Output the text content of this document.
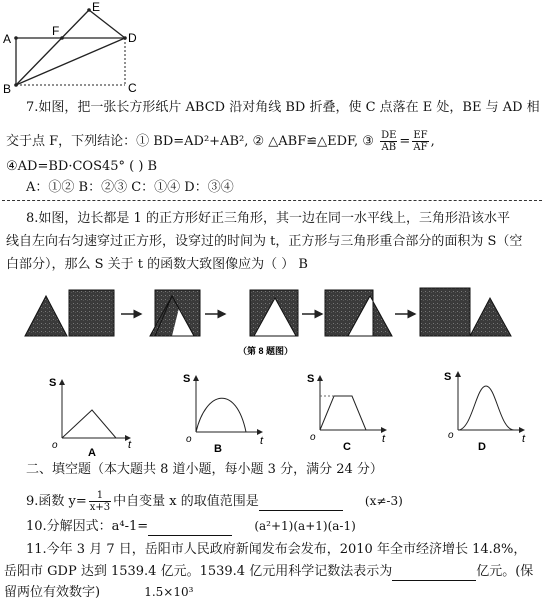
E
F
A	D
B	C
7.如图，把一张长方形纸片 ABCD 沿对角线 BD 折叠，使 C 点落在 E 处，BE 与 AD 相
交于点 F，下列结论：① BD=AD²+AB², ② △ABF≌△EDF, ③ $\frac{DE}{AB} = \frac{EF}{AF}$ ,
④AD=BD·COS45° ( ) B
A：①② B：②③ C：①④ D：③④
8.如图，边长都是 1 的正方形好正三角形，其一边在同一水平线上，三角形沿该水平
线自左向右匀速穿过正方形，设穿过的时间为 t，正方形与三角形重合部分的面积为 S（空
白部分），那么 S 关于 t 的函数大致图像应为（ ） B
（第 8 题图）
S
t
o
A
S
t
o
B
S
t
o
C
S
t
o
D
二、填空题（本大题共 8 道小题，每小题 3 分，满分 24 分）
9.函数 $y= \frac{1}{x+3}$ 中自变量 x 的取值范围是	(x≠-3)
10.分解因式：a⁴-1=	(a²+1)(a+1)(a-1)
11.今年 3 月 7 日，岳阳市人民政府新闻发布会发布，2010 年全市经济增长 14.8%，
岳阳市 GDP 达到 1539.4 亿元。1539.4 亿元用科学记数法表示为	亿元。(保
留两位有效数字)	1.5×10³
